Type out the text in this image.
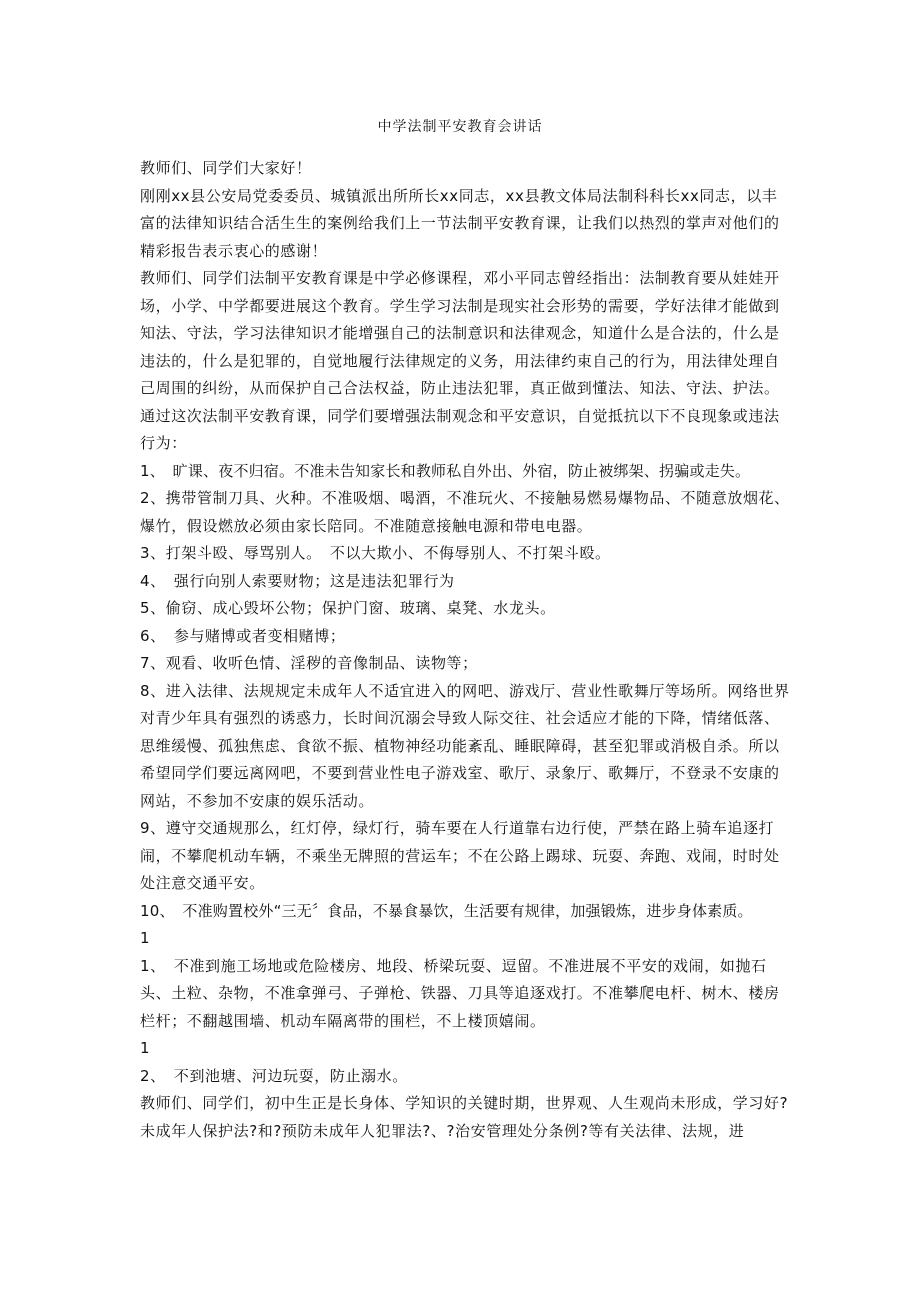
中学法制平安教育会讲话

教师们、同学们大家好！

刚刚xx县公安局党委委员、城镇派出所所长xx同志，xx县教文体局法制科科长xx同志，以丰富的法律知识结合活生生的案例给我们上一节法制平安教育课，让我们以热烈的掌声对他们的精彩报告表示衷心的感谢！

教师们、同学们法制平安教育课是中学必修课程，邓小平同志曾经指出：法制教育要从娃娃开场，小学、中学都要进展这个教育。学生学习法制是现实社会形势的需要，学好法律才能做到知法、守法，学习法律知识才能增强自己的法制意识和法律观念，知道什么是合法的，什么是违法的，什么是犯罪的，自觉地履行法律规定的义务，用法律约束自己的行为，用法律处理自己周围的纠纷，从而保护自己合法权益，防止违法犯罪，真正做到懂法、知法、守法、护法。

通过这次法制平安教育课，同学们要增强法制观念和平安意识，自觉抵抗以下不良现象或违法行为：

1、　旷课、夜不归宿。不准未告知家长和教师私自外出、外宿，防止被绑架、拐骗或走失。

2、携带管制刀具、火种。不准吸烟、喝酒，不准玩火、不接触易燃易爆物品、不随意放烟花、爆竹，假设燃放必须由家长陪同。不准随意接触电源和带电电器。

3、打架斗殴、辱骂别人。　不以大欺小、不侮辱别人、不打架斗殴。

4、　强行向别人索要财物；这是违法犯罪行为

5、偷窃、成心毁坏公物；保护门窗、玻璃、桌凳、水龙头。

6、　参与赌博或者变相赌博；

7、观看、收听色情、淫秽的音像制品、读物等；

8、进入法律、法规规定未成年人不适宜进入的网吧、游戏厅、营业性歌舞厅等场所。网络世界对青少年具有强烈的诱惑力，长时间沉溺会导致人际交往、社会适应才能的下降，情绪低落、思维缓慢、孤独焦虑、食欲不振、植物神经功能紊乱、睡眠障碍，甚至犯罪或消极自杀。所以希望同学们要远离网吧，不要到营业性电子游戏室、歌厅、录象厅、歌舞厅，不登录不安康的网站，不参加不安康的娱乐活动。

9、遵守交通规那么，红灯停，绿灯行，骑车要在人行道靠右边行使，严禁在路上骑车追逐打闹，不攀爬机动车辆，不乘坐无牌照的营运车；不在公路上踢球、玩耍、奔跑、戏闹，时时处处注意交通平安。

10、　不准购置校外“三无〞食品，不暴食暴饮，生活要有规律，加强锻炼，进步身体素质。

1

1、　不准到施工场地或危险楼房、地段、桥梁玩耍、逗留。不准进展不平安的戏闹，如抛石头、土粒、杂物，不准拿弹弓、子弹枪、铁器、刀具等追逐戏打。不准攀爬电杆、树木、楼房栏杆；不翻越围墙、机动车隔离带的围栏，不上楼顶嬉闹。

1

2、　不到池塘、河边玩耍，防止溺水。

教师们、同学们，初中生正是长身体、学知识的关键时期，世界观、人生观尚未形成，学习好?未成年人保护法?和?预防未成年人犯罪法?、?治安管理处分条例?等有关法律、法规，进
